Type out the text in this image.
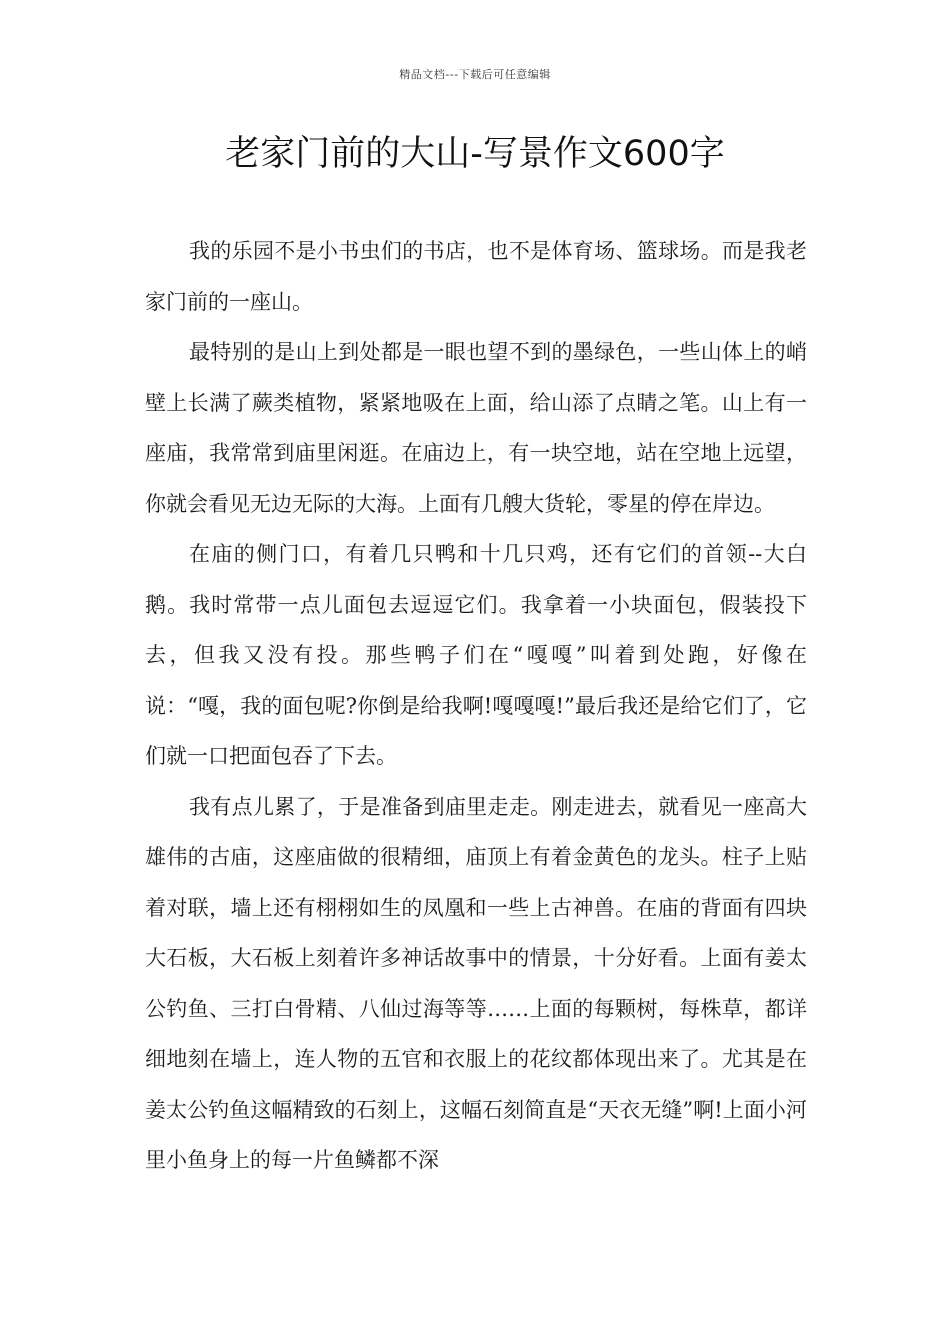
精品文档---下载后可任意编辑
老家门前的大山-写景作文600字

我的乐园不是小书虫们的书店，也不是体育场、篮球场。而是我老家门前的一座山。

最特别的是山上到处都是一眼也望不到的墨绿色，一些山体上的峭壁上长满了蕨类植物，紧紧地吸在上面，给山添了点睛之笔。山上有一座庙，我常常到庙里闲逛。在庙边上，有一块空地，站在空地上远望，你就会看见无边无际的大海。上面有几艘大货轮，零星的停在岸边。

在庙的侧门口，有着几只鸭和十几只鸡，还有它们的首领--大白鹅。我时常带一点儿面包去逗逗它们。我拿着一小块面包，假装投下去，但我又没有投。那些鸭子们在“嘎嘎”叫着到处跑，好像在说：“嘎，我的面包呢?你倒是给我啊!嘎嘎嘎!”最后我还是给它们了，它们就一口把面包吞了下去。

我有点儿累了，于是准备到庙里走走。刚走进去，就看见一座高大雄伟的古庙，这座庙做的很精细，庙顶上有着金黄色的龙头。柱子上贴着对联，墙上还有栩栩如生的凤凰和一些上古神兽。在庙的背面有四块大石板，大石板上刻着许多神话故事中的情景，十分好看。上面有姜太公钓鱼、三打白骨精、八仙过海等等……上面的每颗树，每株草，都详细地刻在墙上，连人物的五官和衣服上的花纹都体现出来了。尤其是在姜太公钓鱼这幅精致的石刻上，这幅石刻简直是“天衣无缝”啊!上面小河里小鱼身上的每一片鱼鳞都不深
